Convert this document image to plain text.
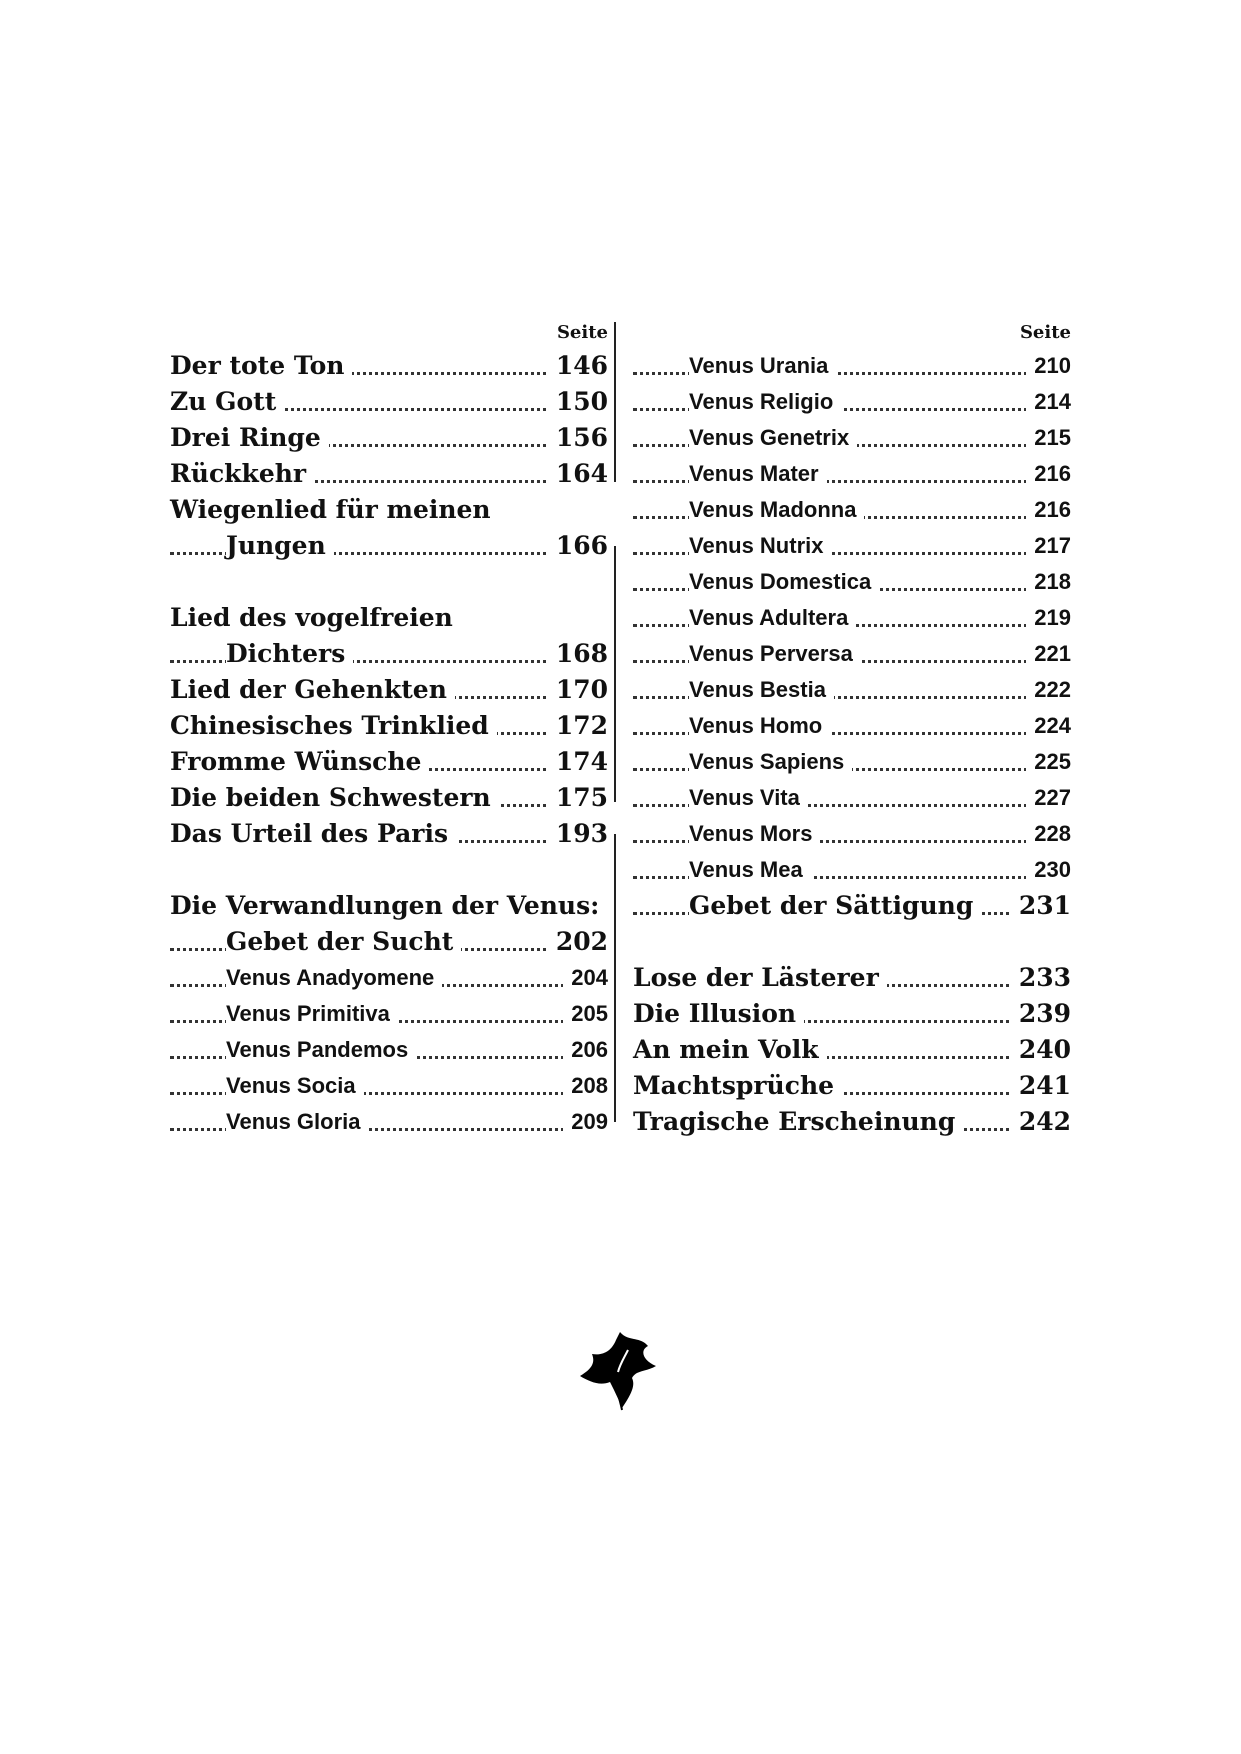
Seite
Der tote Ton	146
Zu Gott	150
Drei Ringe	156
Rückkehr	164
Wiegenlied für meinen
Jungen	166
Lied des vogelfreien
Dichters	168
Lied der Gehenkten	170
Chinesisches Trinklied	172
Fromme Wünsche	174
Die beiden Schwestern	175
Das Urteil des Paris	193
Die Verwandlungen der Venus:
Gebet der Sucht	202
Venus Anadyomene	204
Venus Primitiva	205
Venus Pandemos	206
Venus Socia	208
Venus Gloria	209
Seite
Venus Urania	210
Venus Religio	214
Venus Genetrix	215
Venus Mater	216
Venus Madonna	216
Venus Nutrix	217
Venus Domestica	218
Venus Adultera	219
Venus Perversa	221
Venus Bestia	222
Venus Homo	224
Venus Sapiens	225
Venus Vita	227
Venus Mors	228
Venus Mea	230
Gebet der Sättigung	231
Lose der Lästerer	233
Die Illusion	239
An mein Volk	240
Machtsprüche	241
Tragische Erscheinung	242
